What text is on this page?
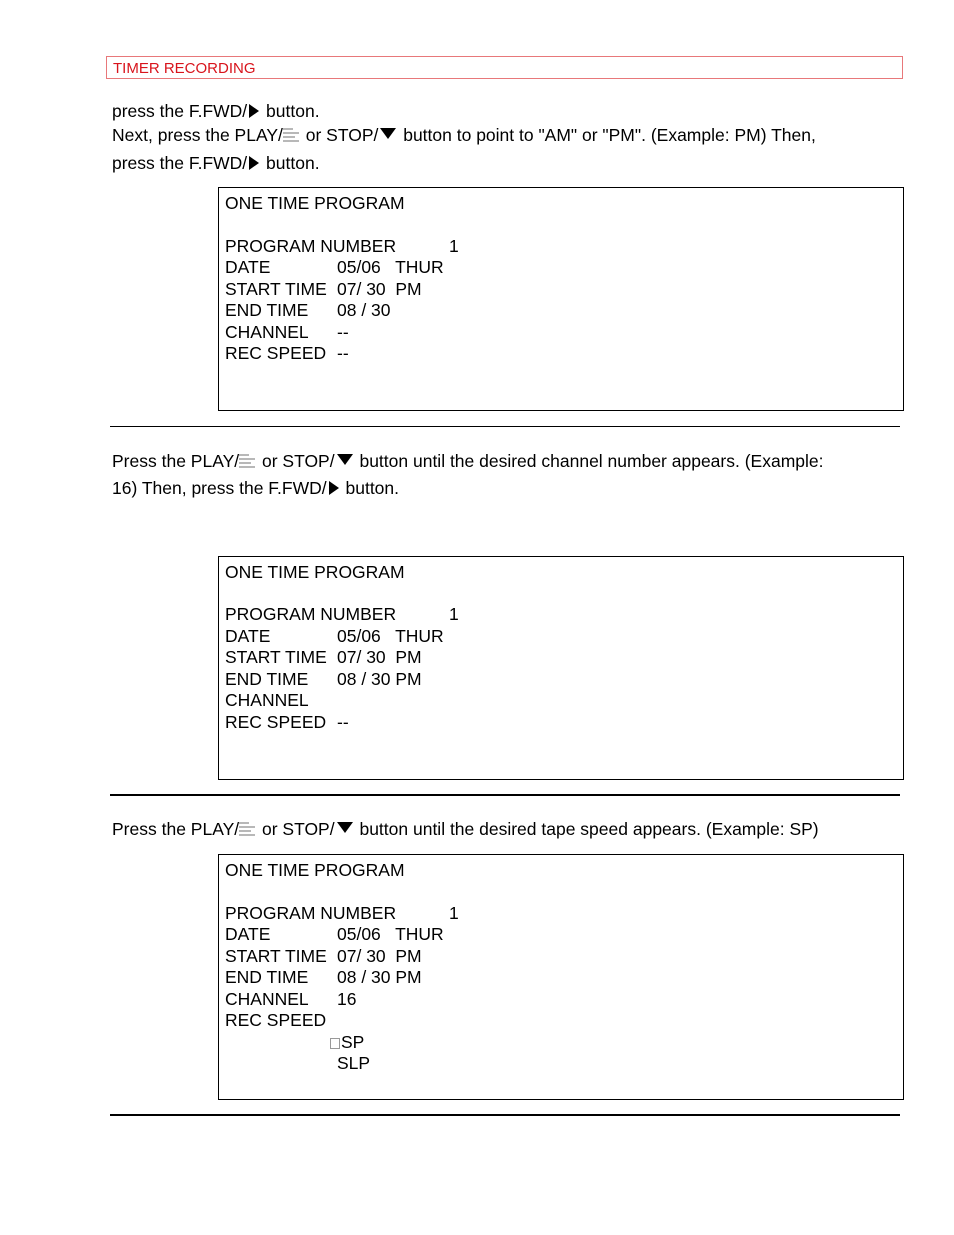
TIMER RECORDING
press the F.FWD/ button.
Next, press the PLAY/
or STOP/ button to point to "AM" or "PM". (Example: PM) Then,
press the F.FWD/ button.
ONE TIME PROGRAM
PROGRAM NUMBER	1
DATE	05/06   THUR
START TIME 07/ 30  PM
END TIME 08 / 30
CHANNEL --
REC SPEED --
Press the PLAY/
or STOP/ button until the desired channel number appears. (Example:
16) Then, press the F.FWD/ button.
ONE TIME PROGRAM
PROGRAM NUMBER	1
DATE	05/06   THUR
START TIME 07/ 30  PM
END TIME 08 / 30 PM
CHANNEL
REC SPEED --
Press the PLAY/
or STOP/ button until the desired tape speed appears. (Example: SP)
ONE TIME PROGRAM
PROGRAM NUMBER	1
DATE	05/06   THUR
START TIME 07/ 30  PM
END TIME 08 / 30 PM
CHANNEL 16
REC SPEED
SP
SLP
